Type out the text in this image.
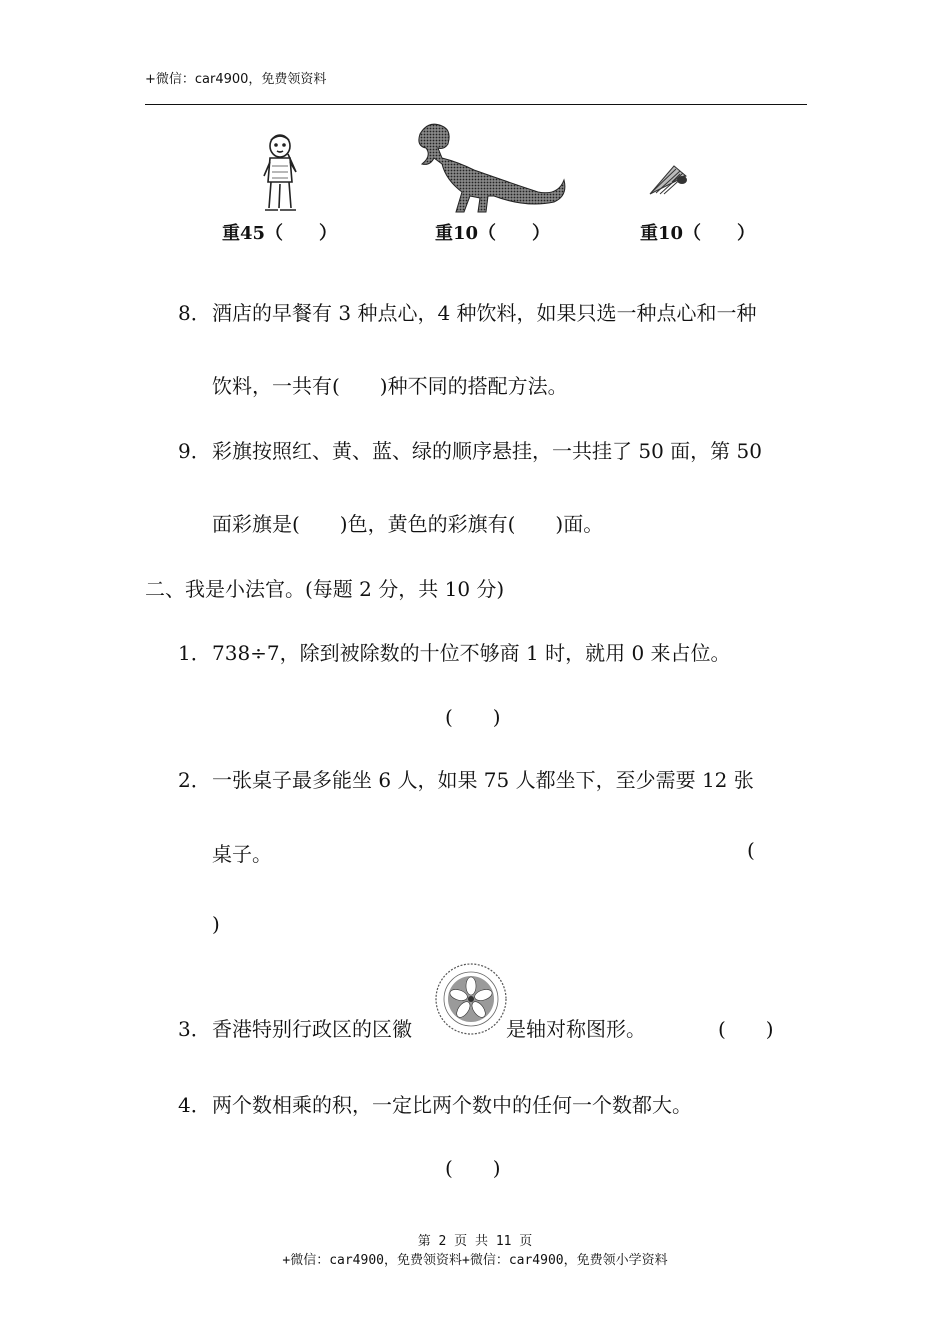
+微信：car4900，免费领资料
重45（　　）	重10（　　）	重10（　　）
8． 酒店的早餐有 3 种点心，4 种饮料，如果只选一种点心和一种
饮料，一共有(　　)种不同的搭配方法。
9． 彩旗按照红、黄、蓝、绿的顺序悬挂，一共挂了 50 面，第 50
面彩旗是(　　)色，黄色的彩旗有(　　)面。
二、我是小法官。(每题 2 分，共 10 分)
1． 738÷7，除到被除数的十位不够商 1 时，就用 0 来占位。
(　　)
2． 一张桌子最多能坐 6 人，如果 75 人都坐下，至少需要 12 张
桌子。	(
)
3． 香港特别行政区的区徽	是轴对称图形。	(　　)
4． 两个数相乘的积，一定比两个数中的任何一个数都大。
(　　)
第 2 页 共 11 页
+微信：car4900，免费领资料+微信：car4900，免费领小学资料
